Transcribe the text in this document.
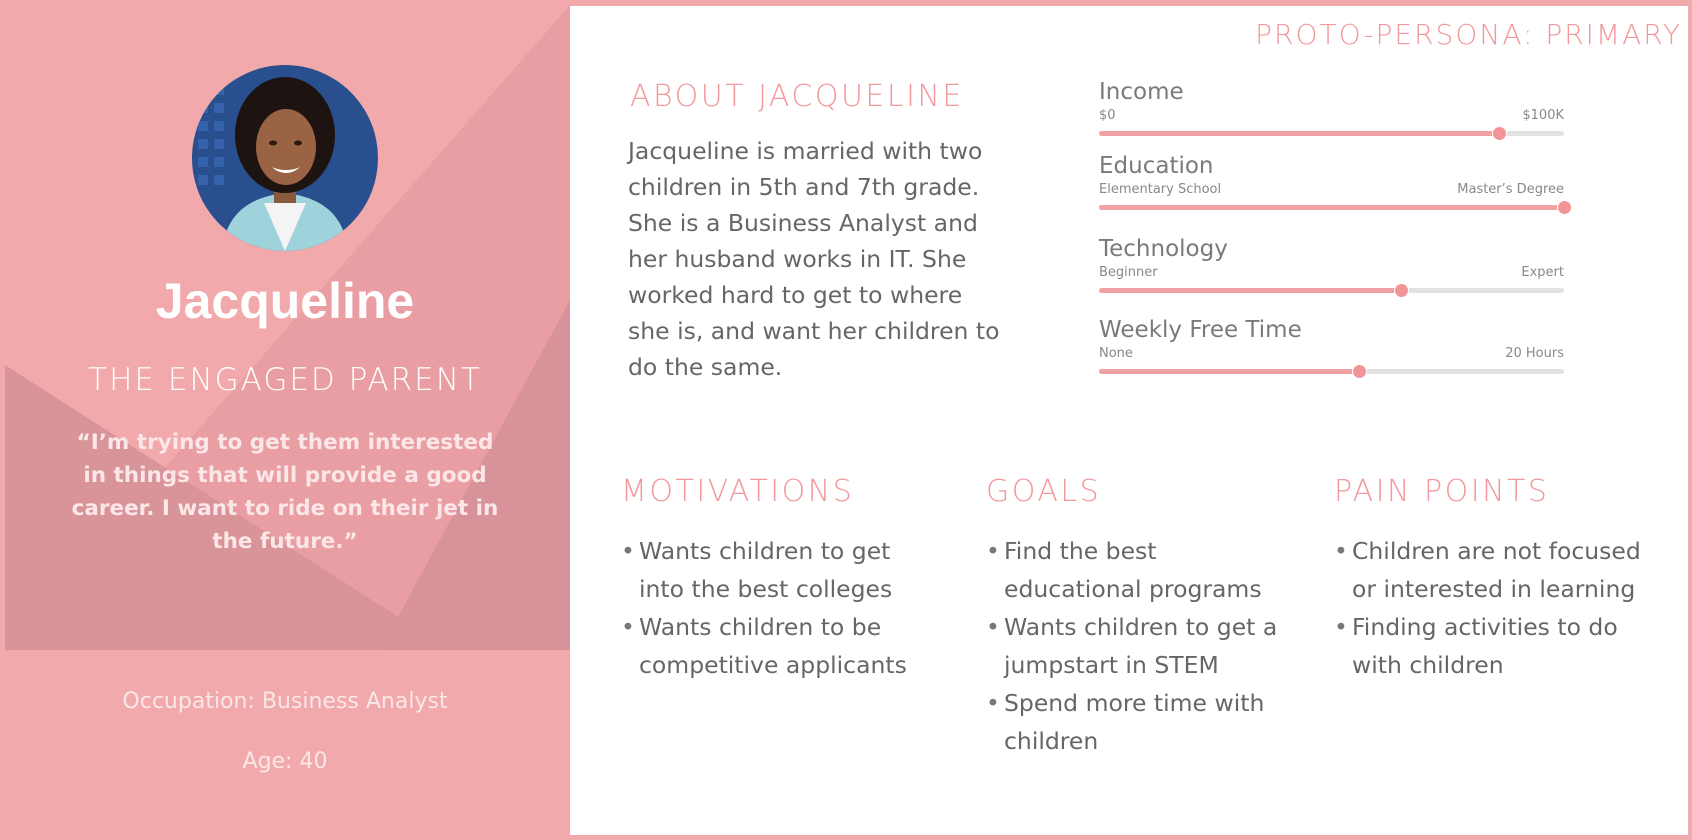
Jacqueline
THE ENGAGED PARENT
“I’m trying to get them interested in things that will provide a good career. I want to ride on their jet in the future.”
Occupation: Business Analyst
Age: 40
PROTO-PERSONA: PRIMARY
ABOUT JACQUELINE
Jacqueline is married with two children in 5th and 7th grade. She is a Business Analyst and her husband works in IT. She worked hard to get to where she is, and want her children to do the same.
Income
$0	$100K
Education
Elementary School	Master’s Degree
Technology
Beginner	Expert
Weekly Free Time
None	20 Hours
MOTIVATIONS
• Wants children to get into the best colleges
• Wants children to be competitive applicants
GOALS
• Find the best educational programs
• Wants children to get a jumpstart in STEM
• Spend more time with children
PAIN POINTS
• Children are not focused or interested in learning
• Finding activities to do with children
